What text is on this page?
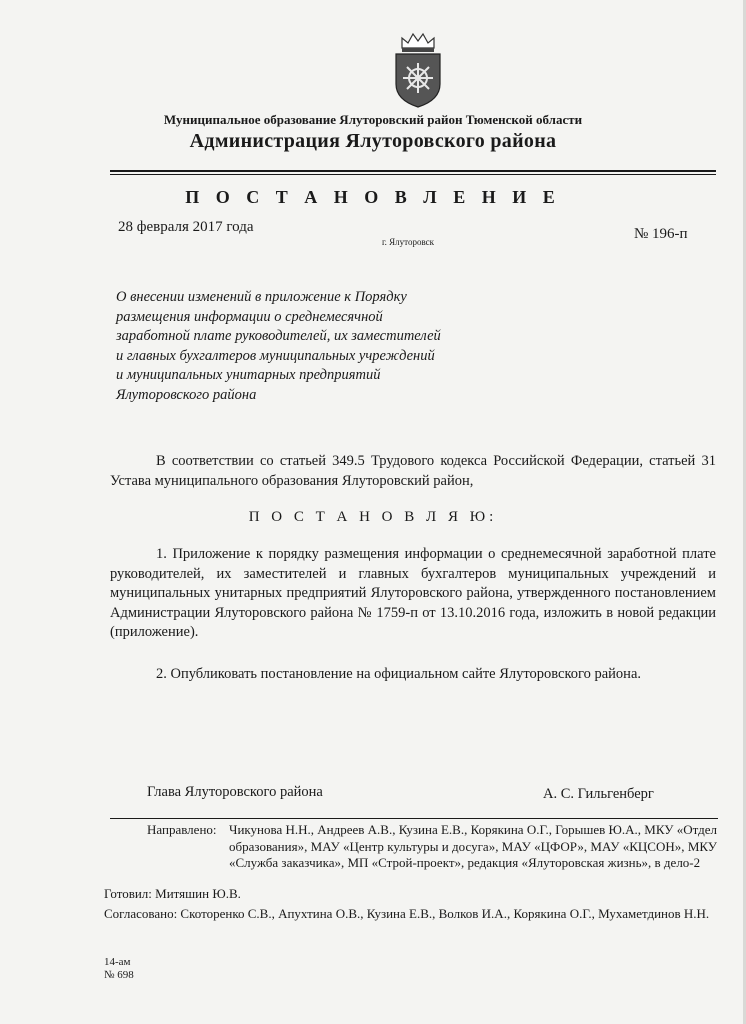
Муниципальное образование Ялуторовский район Тюменской области
Администрация Ялуторовского района
П О С Т А Н О В Л Е Н И Е
28 февраля 2017 года	№ 196-п
г. Ялуторовск
О внесении изменений в приложение к Порядку
размещения информации о среднемесячной
заработной плате руководителей, их заместителей
и главных бухгалтеров муниципальных учреждений
и муниципальных унитарных предприятий
Ялуторовского района
В соответствии со статьей 349.5 Трудового кодекса Российской Федерации, статьей 31 Устава муниципального образования Ялуторовский район,
П О С Т А Н О В Л Я Ю:
1. Приложение к порядку размещения информации о среднемесячной заработной плате руководителей, их заместителей и главных бухгалтеров муниципальных учреждений и муниципальных унитарных предприятий Ялуторовского района, утвержденного постановлением Администрации Ялуторовского района № 1759-п от 13.10.2016 года, изложить в новой редакции (приложение).
2. Опубликовать постановление на официальном сайте Ялуторовского района.
Глава Ялуторовского района	А. С. Гильгенберг
Направлено: Чикунова Н.Н., Андреев А.В., Кузина Е.В., Корякина О.Г., Горышев Ю.А., МКУ «Отдел образования», МАУ «Центр культуры и досуга», МАУ «ЦФОР», МАУ «КЦСОН», МКУ «Служба заказчика», МП «Строй-проект», редакция «Ялуторовская жизнь», в дело-2
Готовил: Митяшин Ю.В.
Согласовано: Скоторенко С.В., Апухтина О.В., Кузина Е.В., Волков И.А., Корякина О.Г., Мухаметдинов Н.Н.
14-ам
№ 698
